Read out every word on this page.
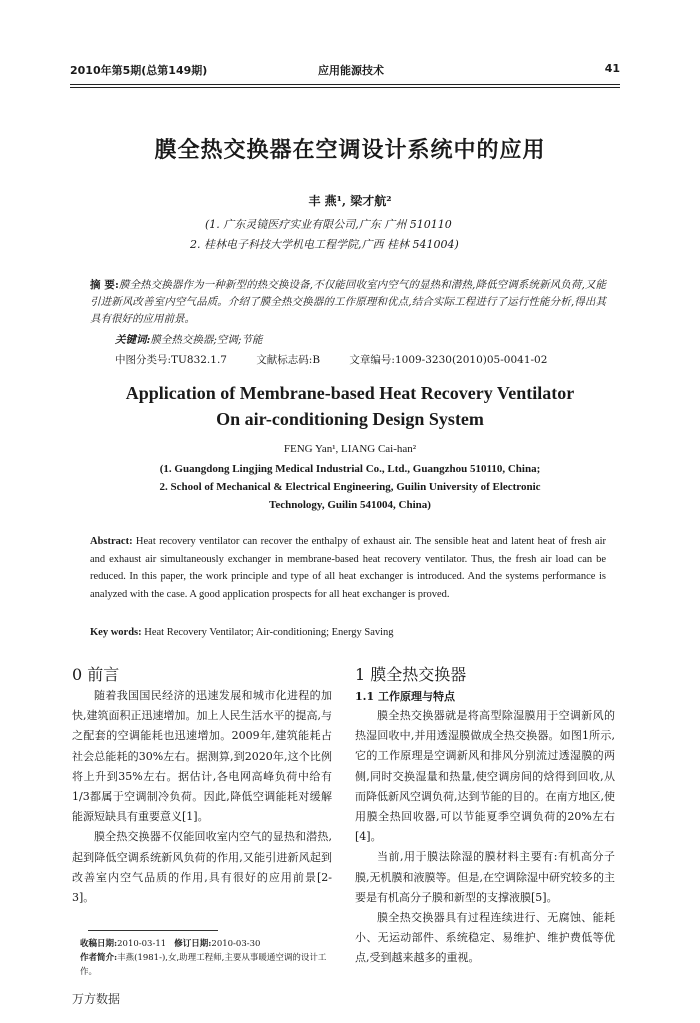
2010年第5期(总第149期)	应用能源技术	41
膜全热交换器在空调设计系统中的应用
丰 燕¹, 梁才航²
(1. 广东灵镜医疗实业有限公司,广东 广州 510110
2. 桂林电子科技大学机电工程学院,广西 桂林 541004)
摘 要:膜全热交换器作为一种新型的热交换设备,不仅能回收室内空气的显热和潜热,降低空调系统新风负荷,又能引进新风改善室内空气品质。介绍了膜全热交换器的工作原理和优点,结合实际工程进行了运行性能分析,得出其具有很好的应用前景。
关键词:膜全热交换器;空调;节能
中图分类号:TU832.1.7	文献标志码:B	文章编号:1009-3230(2010)05-0041-02
Application of Membrane-based Heat Recovery Ventilator
On air-conditioning Design System
FENG Yan¹, LIANG Cai-han²
(1. Guangdong Lingjing Medical Industrial Co., Ltd., Guangzhou 510110, China;
2. School of Mechanical & Electrical Engineering, Guilin University of Electronic
Technology, Guilin 541004, China)
Abstract: Heat recovery ventilator can recover the enthalpy of exhaust air. The sensible heat and latent heat of fresh air and exhaust air simultaneously exchanger in membrane-based heat recovery ventilator. Thus, the fresh air load can be reduced. In this paper, the work principle and type of all heat exchanger is introduced. And the systems performance is analyzed with the case. A good application prospects for all heat exchanger is proved.
Key words: Heat Recovery Ventilator; Air-conditioning; Energy Saving
0 前言

随着我国国民经济的迅速发展和城市化进程的加快,建筑面积正迅速增加。加上人民生活水平的提高,与之配套的空调能耗也迅速增加。2009年,建筑能耗占社会总能耗的30%左右。据测算,到2020年,这个比例将上升到35%左右。据估计,各电网高峰负荷中给有1/3都属于空调制冷负荷。因此,降低空调能耗对缓解能源短缺具有重要意义[1]。

膜全热交换器不仅能回收室内空气的显热和潜热,起到降低空调系统新风负荷的作用,又能引进新风起到改善室内空气品质的作用,具有很好的应用前景[2-3]。

收稿日期:2010-03-11 修订日期:2010-03-30
作者简介:丰燕(1981-),女,助理工程师,主要从事暖通空调的设计工作。
1 膜全热交换器
1.1 工作原理与特点

膜全热交换器就是将高型除湿膜用于空调新风的热湿回收中,并用透湿膜做成全热交换器。如图1所示,它的工作原理是空调新风和排风分别流过透湿膜的两侧,同时交换湿量和热量,使空调房间的焓得到回收,从而降低新风空调负荷,达到节能的目的。在南方地区,使用膜全热回收器,可以节能夏季空调负荷的20%左右[4]。

当前,用于膜法除湿的膜材料主要有:有机高分子膜,无机膜和液膜等。但是,在空调除湿中研究较多的主要是有机高分子膜和新型的支撑液膜[5]。

膜全热交换器具有过程连续进行、无腐蚀、能耗小、无运动部件、系统稳定、易维护、维护费低等优点,受到越来越多的重视。

万方数据
